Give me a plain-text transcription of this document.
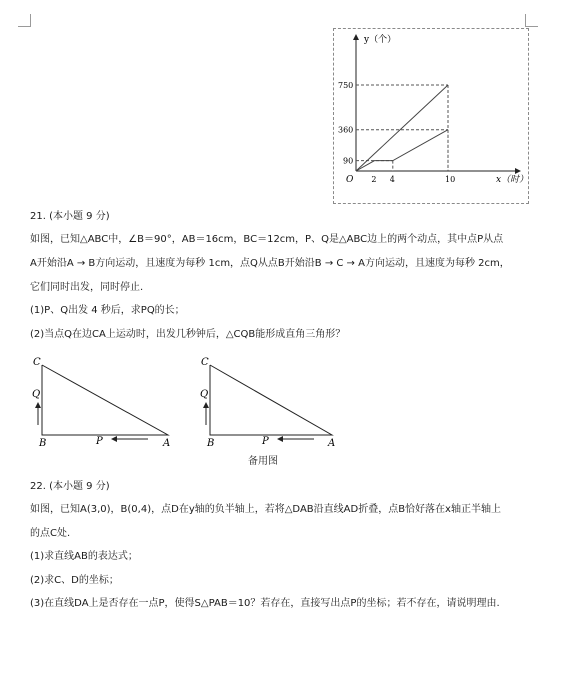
2 4	10
90
360
750
y（个）
x（时）
O
21. (本小题 9 分)
如图，已知△ABC中，∠B＝90°，AB＝16cm，BC＝12cm，P、Q是△ABC边上的两个动点，其中点P从点
A开始沿A → B方向运动，且速度为每秒 1cm，点Q从点B开始沿B → C → A方向运动，且速度为每秒 2cm，
它们同时出发，同时停止.
(1)P、Q出发 4 秒后，求PQ的长；
(2)当点Q在边CA上运动时，出发几秒钟后，△CQB能形成直角三角形？
C
Q
B	P	A
C
Q
B	P	A
备用图
22. (本小题 9 分)
如图，已知A(3,0)，B(0,4)，点D在y轴的负半轴上，若将△DAB沿直线AD折叠，点B恰好落在x轴正半轴上
的点C处.
(1)求直线AB的表达式；
(2)求C、D的坐标；
(3)在直线DA上是否存在一点P，使得S△PAB＝10？若存在，直接写出点P的坐标；若不存在，请说明理由.
